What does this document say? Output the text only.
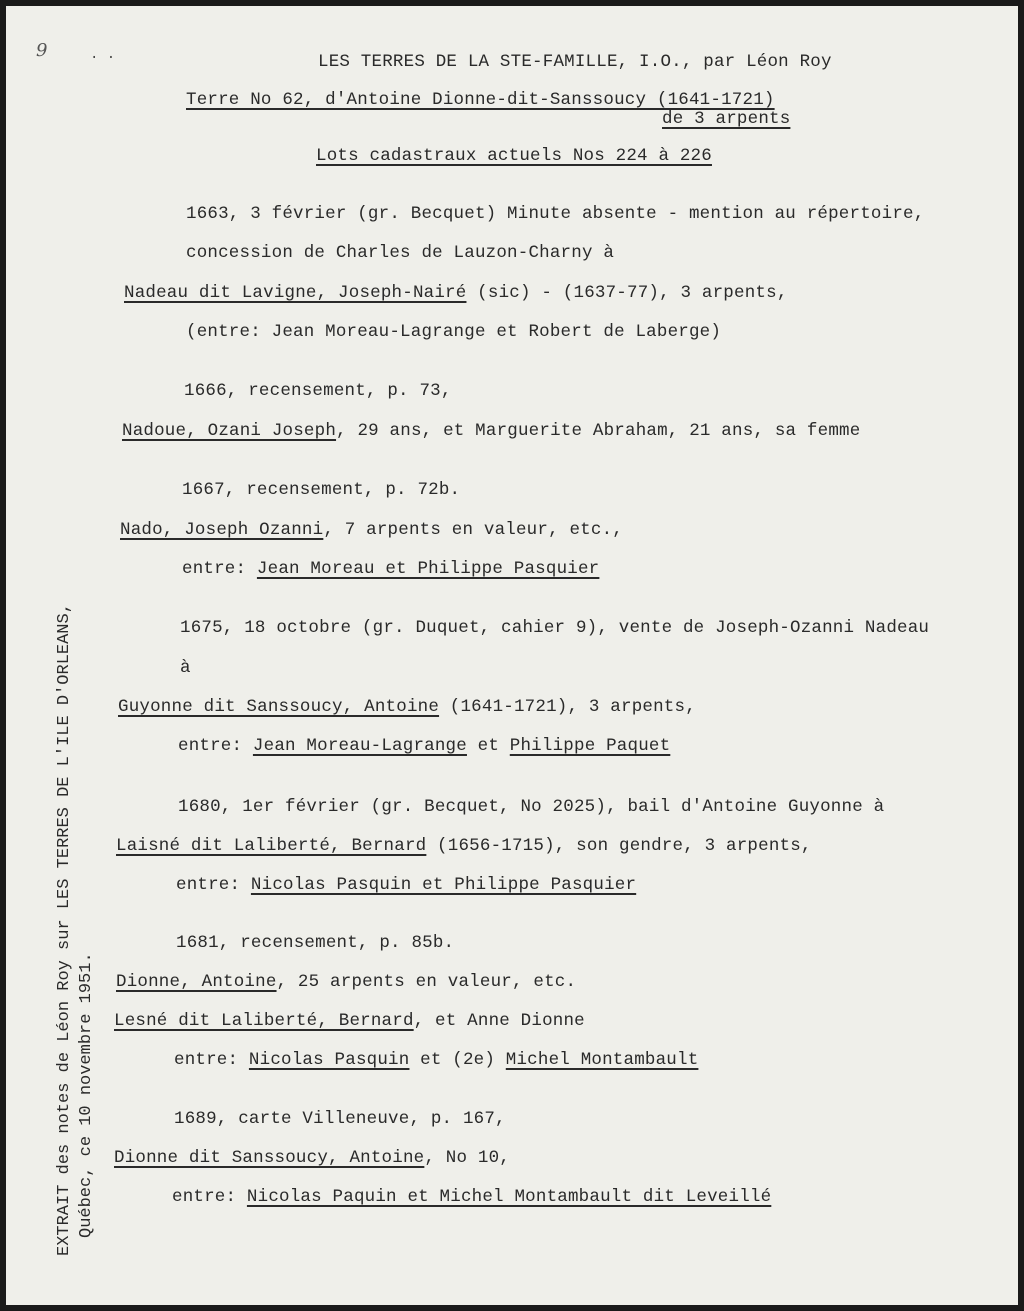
9	· ·	LES TERRES DE LA STE-FAMILLE, I.O., par Léon Roy
Terre No 62, d'Antoine Dionne-dit-Sanssoucy (1641-1721)
de 3 arpents
Lots cadastraux actuels Nos 224 à 226
1663, 3 février (gr. Becquet) Minute absente - mention au répertoire,
concession de Charles de Lauzon-Charny à
Nadeau dit Lavigne, Joseph-Nairé (sic) - (1637-77), 3 arpents,
(entre: Jean Moreau-Lagrange et Robert de Laberge)
1666, recensement, p. 73,
Nadoue, Ozani Joseph, 29 ans, et Marguerite Abraham, 21 ans, sa femme
1667, recensement, p. 72b.
Nado, Joseph Ozanni, 7 arpents en valeur, etc.,
entre: Jean Moreau et Philippe Pasquier
1675, 18 octobre (gr. Duquet, cahier 9), vente de Joseph-Ozanni Nadeau
à
Guyonne dit Sanssoucy, Antoine (1641-1721), 3 arpents,
entre: Jean Moreau-Lagrange et Philippe Paquet
1680, 1er février (gr. Becquet, No 2025), bail d'Antoine Guyonne à
Laisné dit Laliberté, Bernard (1656-1715), son gendre, 3 arpents,
entre: Nicolas Pasquin et Philippe Pasquier
1681, recensement, p. 85b.
Dionne, Antoine, 25 arpents en valeur, etc.
Lesné dit Laliberté, Bernard, et Anne Dionne
entre: Nicolas Pasquin et (2e) Michel Montambault
1689, carte Villeneuve, p. 167,
Dionne dit Sanssoucy, Antoine, No 10,
entre: Nicolas Paquin et Michel Montambault dit Leveillé
EXTRAIT des notes de Léon Roy sur LES TERRES DE L'ILE D'ORLEANS, Québec, ce 10 novembre 1951.
